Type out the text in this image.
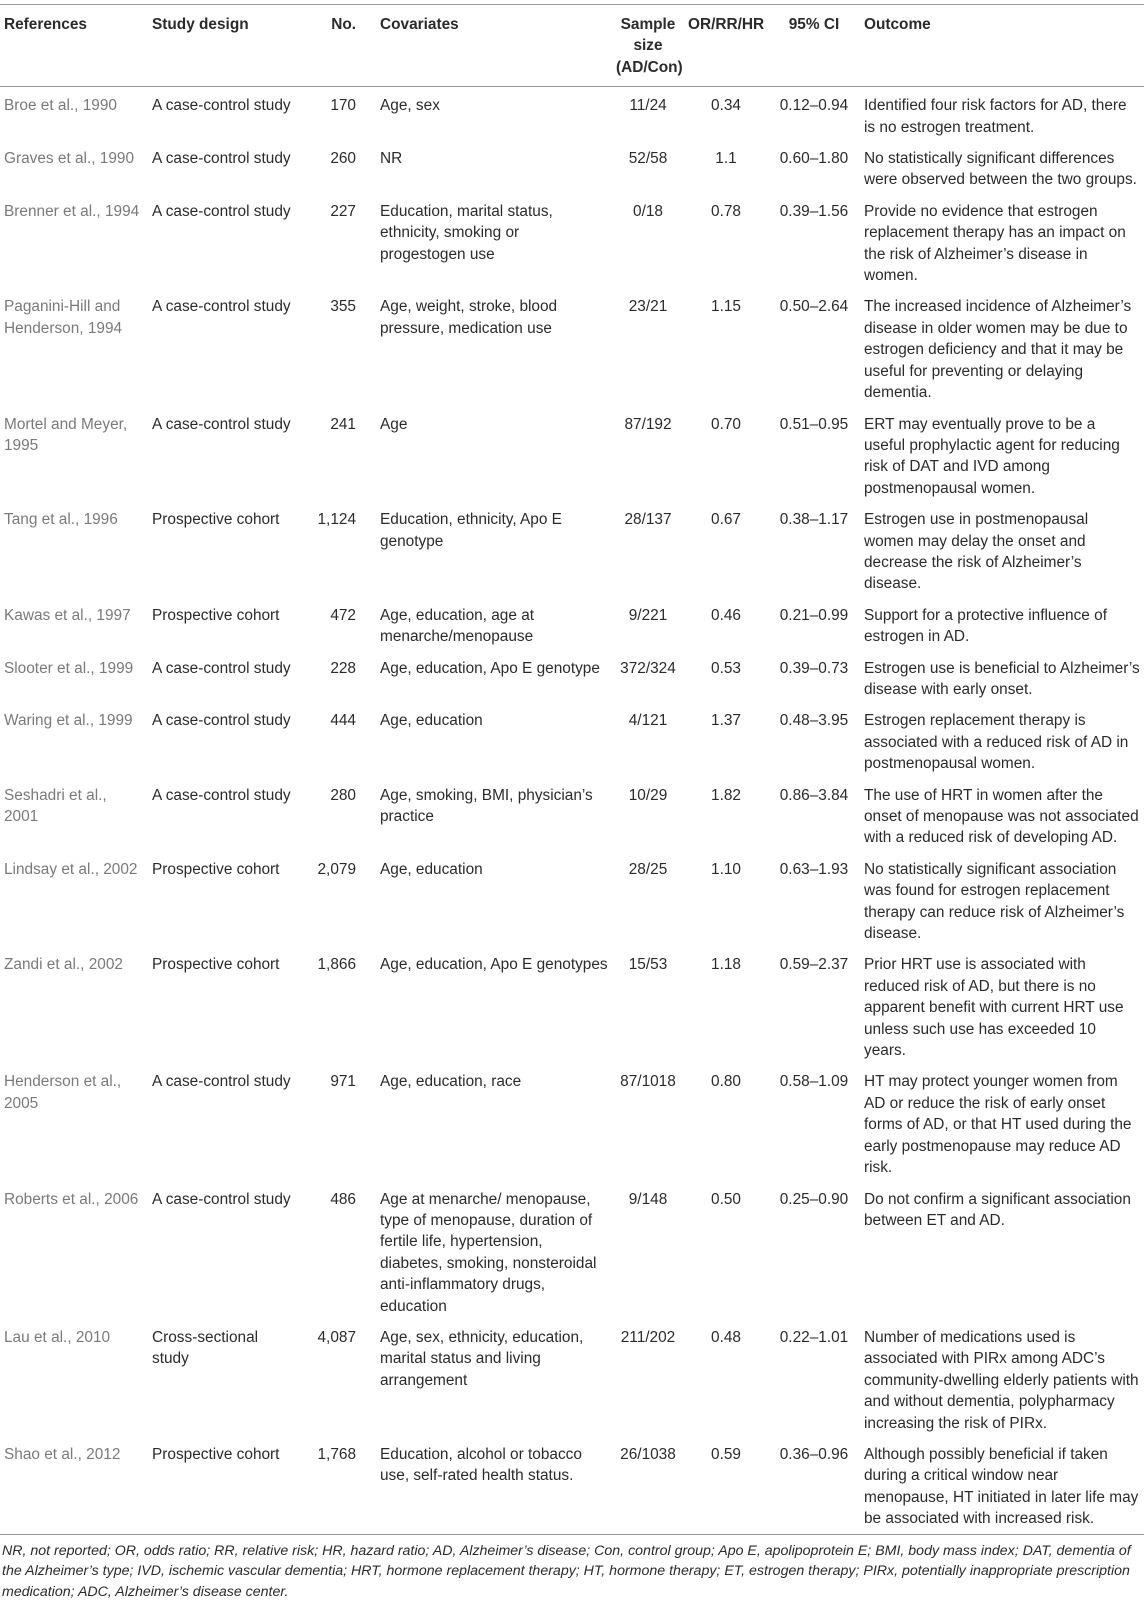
References	Study design	No.	Covariates	Sample size (AD/Con)	OR/RR/HR	95% CI	Outcome
Broe et al., 1990	A case-control study	170	Age, sex	11/24	0.34	0.12–0.94	Identified four risk factors for AD, there is no estrogen treatment.
Graves et al., 1990	A case-control study	260	NR	52/58	1.1	0.60–1.80	No statistically significant differences were observed between the two groups.
Brenner et al., 1994	A case-control study	227	Education, marital status, ethnicity, smoking or progestogen use	0/18	0.78	0.39–1.56	Provide no evidence that estrogen replacement therapy has an impact on the risk of Alzheimer’s disease in women.
Paganini-Hill and Henderson, 1994	A case-control study	355	Age, weight, stroke, blood pressure, medication use	23/21	1.15	0.50–2.64	The increased incidence of Alzheimer’s disease in older women may be due to estrogen deficiency and that it may be useful for preventing or delaying dementia.
Mortel and Meyer, 1995	A case-control study	241	Age	87/192	0.70	0.51–0.95	ERT may eventually prove to be a useful prophylactic agent for reducing risk of DAT and IVD among postmenopausal women.
Tang et al., 1996	Prospective cohort	1,124	Education, ethnicity, Apo E genotype	28/137	0.67	0.38–1.17	Estrogen use in postmenopausal women may delay the onset and decrease the risk of Alzheimer’s disease.
Kawas et al., 1997	Prospective cohort	472	Age, education, age at menarche/menopause	9/221	0.46	0.21–0.99	Support for a protective influence of estrogen in AD.
Slooter et al., 1999	A case-control study	228	Age, education, Apo E genotype	372/324	0.53	0.39–0.73	Estrogen use is beneficial to Alzheimer’s disease with early onset.
Waring et al., 1999	A case-control study	444	Age, education	4/121	1.37	0.48–3.95	Estrogen replacement therapy is associated with a reduced risk of AD in postmenopausal women.
Seshadri et al., 2001	A case-control study	280	Age, smoking, BMI, physician’s practice	10/29	1.82	0.86–3.84	The use of HRT in women after the onset of menopause was not associated with a reduced risk of developing AD.
Lindsay et al., 2002	Prospective cohort	2,079	Age, education	28/25	1.10	0.63–1.93	No statistically significant association was found for estrogen replacement therapy can reduce risk of Alzheimer’s disease.
Zandi et al., 2002	Prospective cohort	1,866	Age, education, Apo E genotypes	15/53	1.18	0.59–2.37	Prior HRT use is associated with reduced risk of AD, but there is no apparent benefit with current HRT use unless such use has exceeded 10 years.
Henderson et al., 2005	A case-control study	971	Age, education, race	87/1018	0.80	0.58–1.09	HT may protect younger women from AD or reduce the risk of early onset forms of AD, or that HT used during the early postmenopause may reduce AD risk.
Roberts et al., 2006	A case-control study	486	Age at menarche/ menopause, type of menopause, duration of fertile life, hypertension, diabetes, smoking, nonsteroidal anti-inflammatory drugs, education	9/148	0.50	0.25–0.90	Do not confirm a significant association between ET and AD.
Lau et al., 2010	Cross-sectional study	4,087	Age, sex, ethnicity, education, marital status and living arrangement	211/202	0.48	0.22–1.01	Number of medications used is associated with PIRx among ADC’s community-dwelling elderly patients with and without dementia, polypharmacy increasing the risk of PIRx.
Shao et al., 2012	Prospective cohort	1,768	Education, alcohol or tobacco use, self-rated health status.	26/1038	0.59	0.36–0.96	Although possibly beneficial if taken during a critical window near menopause, HT initiated in later life may be associated with increased risk.
NR, not reported; OR, odds ratio; RR, relative risk; HR, hazard ratio; AD, Alzheimer’s disease; Con, control group; Apo E, apolipoprotein E; BMI, body mass index; DAT, dementia of the Alzheimer’s type; IVD, ischemic vascular dementia; HRT, hormone replacement therapy; HT, hormone therapy; ET, estrogen therapy; PIRx, potentially inappropriate prescription medication; ADC, Alzheimer’s disease center.
